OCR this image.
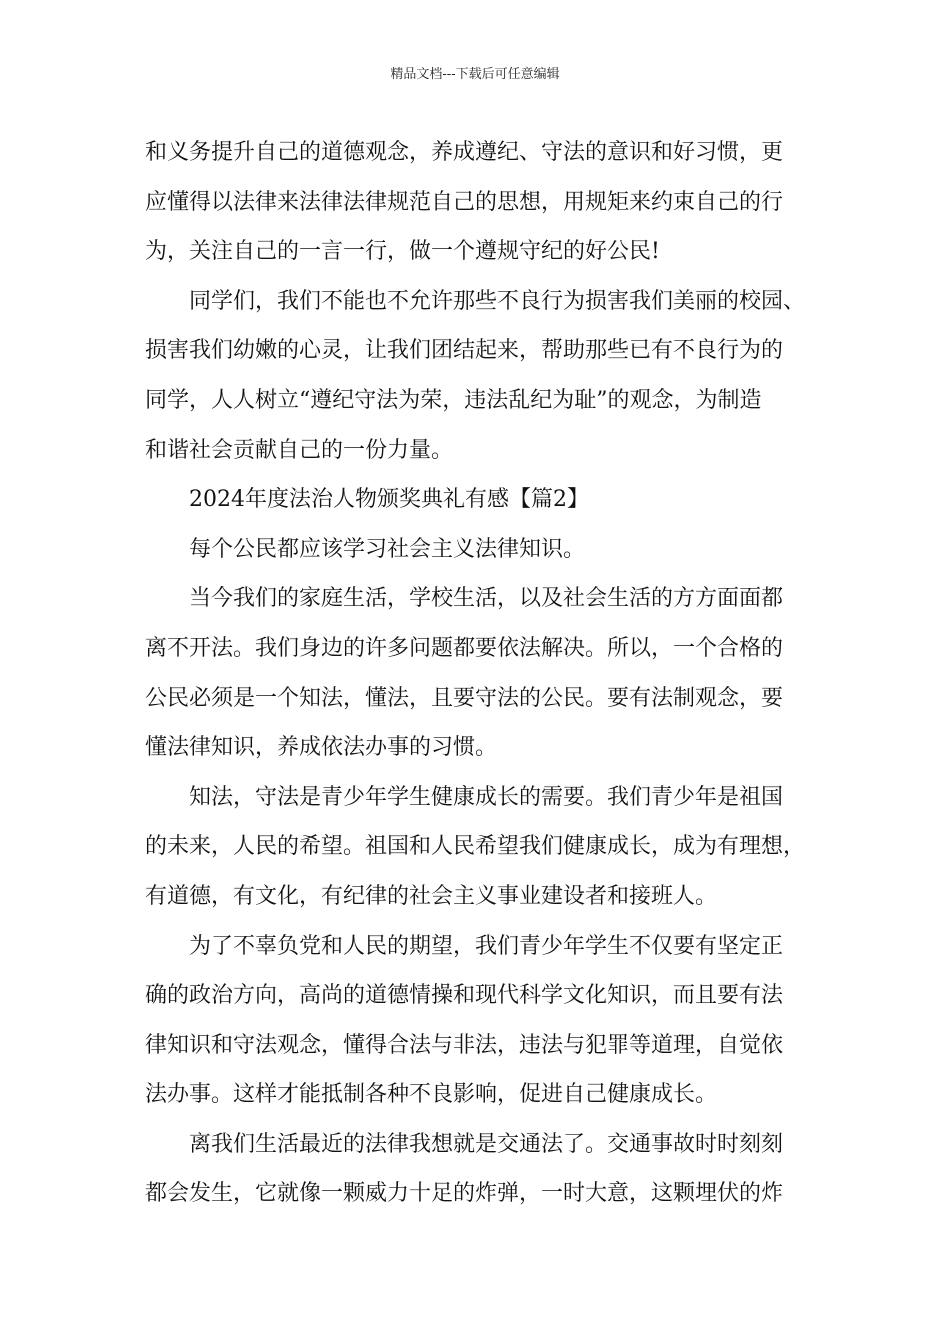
精品文档---下载后可任意编辑
和义务提升自己的道德观念，养成遵纪、守法的意识和好习惯，更
应懂得以法律来法律法律规范自己的思想，用规矩来约束自己的行
为，关注自己的一言一行，做一个遵规守纪的好公民!
同学们，我们不能也不允许那些不良行为损害我们美丽的校园、
损害我们幼嫩的心灵，让我们团结起来，帮助那些已有不良行为的
同学，人人树立“遵纪守法为荣，违法乱纪为耻”的观念，为制造
和谐社会贡献自己的一份力量。
2024年度法治人物颁奖典礼有感【篇2】
每个公民都应该学习社会主义法律知识。
当今我们的家庭生活，学校生活，以及社会生活的方方面面都
离不开法。我们身边的许多问题都要依法解决。所以，一个合格的
公民必须是一个知法，懂法，且要守法的公民。要有法制观念，要
懂法律知识，养成依法办事的习惯。
知法，守法是青少年学生健康成长的需要。我们青少年是祖国
的未来，人民的希望。祖国和人民希望我们健康成长，成为有理想，
有道德，有文化，有纪律的社会主义事业建设者和接班人。
为了不辜负党和人民的期望，我们青少年学生不仅要有坚定正
确的政治方向，高尚的道德情操和现代科学文化知识，而且要有法
律知识和守法观念，懂得合法与非法，违法与犯罪等道理，自觉依
法办事。这样才能抵制各种不良影响，促进自己健康成长。
离我们生活最近的法律我想就是交通法了。交通事故时时刻刻
都会发生，它就像一颗威力十足的炸弹，一时大意，这颗埋伏的炸
